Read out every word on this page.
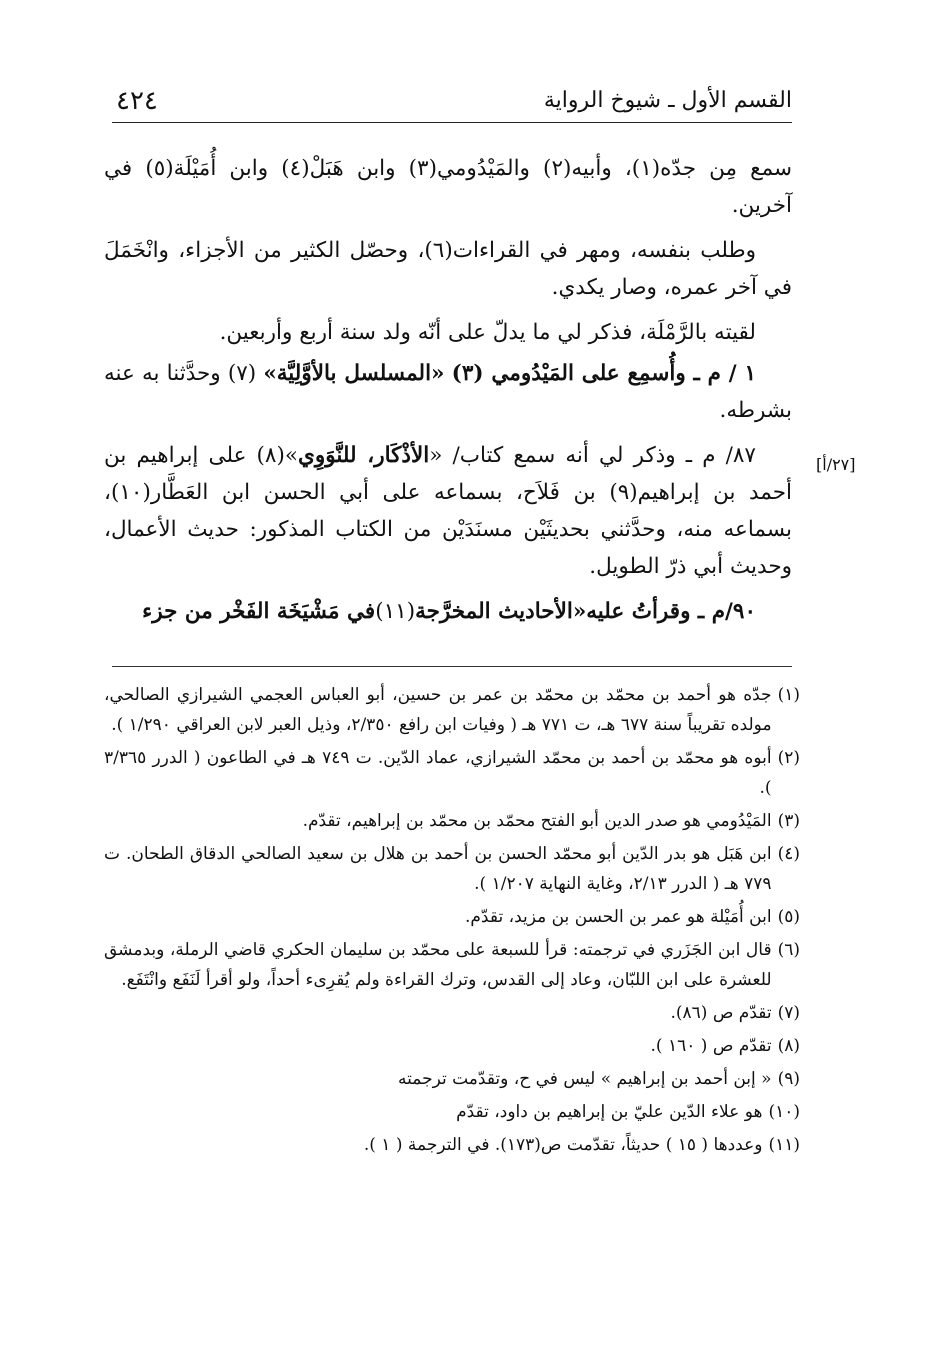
٤٢٤	القسم الأول ـ شيوخ الرواية
[٢٧/أ]

سمع مِن جدّه(١)، وأبيه(٢) والمَيْدُومي(٣) وابن هَبَلْ(٤) وابن أُمَيْلَة(٥) في آخرين.

وطلب بنفسه، ومهر في القراءات(٦)، وحصّل الكثير من الأجزاء، وانْخَمَلَ في آخر عمره، وصار يكدي.

لقيته بالرَّمْلَة، فذكر لي ما يدلّ على أنّه ولد سنة أربع وأربعين.

١ / م ـ وأُسمِع على المَيْدُومي (٣) «المسلسل بالأوَّلِيَّة» (٧) وحدَّثنا به عنه بشرطه.

٨٧/ م ـ وذكر لي أنه سمع كتاب/ «الأذْكَار، للنَّوَوِي»(٨) على إبراهيم بن أحمد بن إبراهيم(٩) بن فَلاَح، بسماعه على أبي الحسن ابن العَطَّار(١٠)، بسماعه منه، وحدَّثني بحديثَيْن مسنَدَيْن من الكتاب المذكور: حديث الأعمال، وحديث أبي ذرّ الطويل.

٩٠/م ـ وقرأتُ عليه«الأحاديث المخرَّجة(١١)في مَشْيَخَة الفَخْر من جزء

(١)
جدّه هو أحمد بن محمّد بن محمّد بن عمر بن حسين، أبو العباس العجمي الشيرازي الصالحي، مولده تقريباً سنة ٦٧٧ هـ، ت ٧٧١ هـ ( وفيات ابن رافع ٢/٣٥٠، وذيل العبر لابن العراقي ١/٢٩٠ ).
(٢)
أبوه هو محمّد بن أحمد بن محمّد الشيرازي، عماد الدّين. ت ٧٤٩ هـ في الطاعون ( الدرر ٣/٣٦٥ ).
(٣)
المَيْدُومي هو صدر الدين أبو الفتح محمّد بن محمّد بن إبراهيم، تقدّم.
(٤)
ابن هَبَل هو بدر الدّين أبو محمّد الحسن بن أحمد بن هلال بن سعيد الصالحي الدقاق الطحان. ت ٧٧٩ هـ ( الدرر ٢/١٣، وغاية النهاية ١/٢٠٧ ).
(٥)
ابن أُمَيْلة هو عمر بن الحسن بن مزيد، تقدّم.
(٦)
قال ابن الجَزَري في ترجمته: قرأ للسبعة على محمّد بن سليمان الحكري قاضي الرملة، وبدمشق للعشرة على ابن اللبّان، وعاد إلى القدس، وترك القراءة ولم يُقرِىء أحداً، ولو أقرأ لَنَفَع وانْتَفَع.
(٧)
تقدّم ص (٨٦).
(٨)
تقدّم ص ( ١٦٠ ).
(٩)
« إبن أحمد بن إبراهيم » ليس في ح، وتقدّمت ترجمته
(١٠)
هو علاء الدّين عليّ بن إبراهيم بن داود، تقدّم
(١١)
وعددها ( ١٥ ) حديثاً، تقدّمت ص(١٧٣). في الترجمة ( ١ ).
